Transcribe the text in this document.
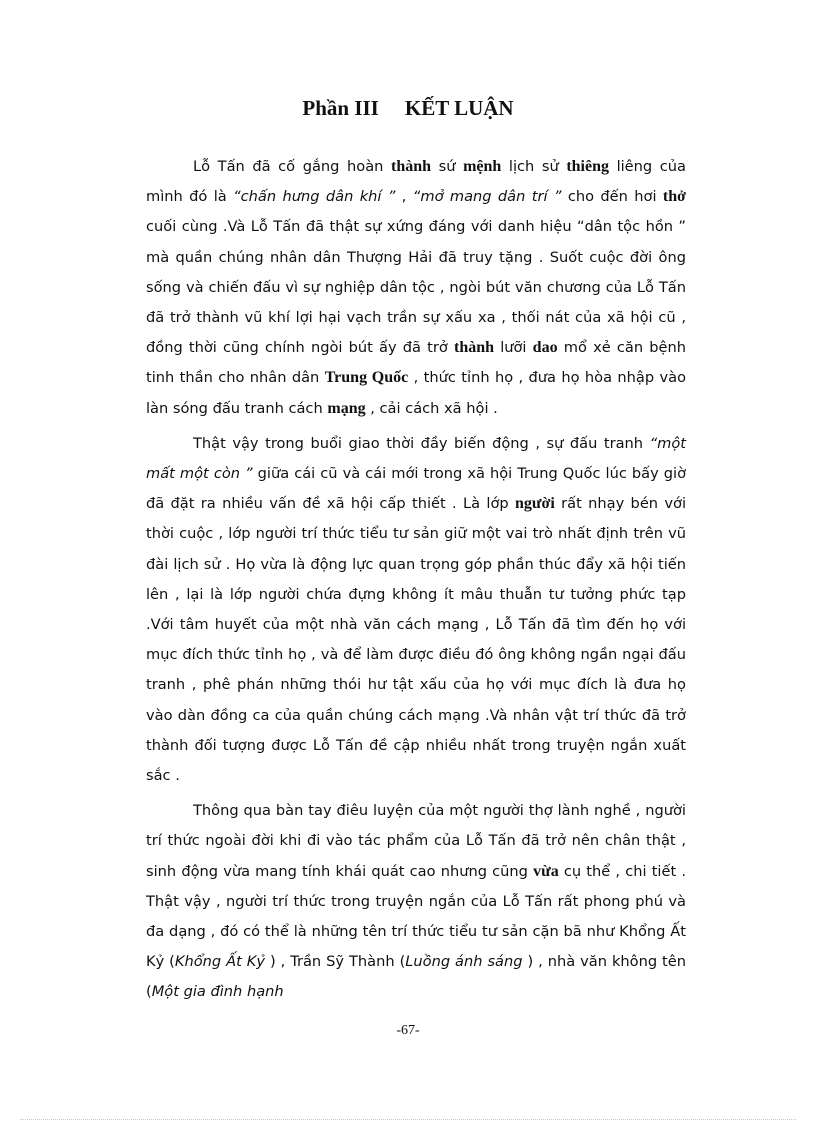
Phần III KẾT LUẬN

Lỗ Tấn đã cố gắng hoàn thành sứ mệnh lịch sử thiêng liêng của mình đó là “chấn hưng dân khí ” , “mở mang dân trí ” cho đến hơi thở cuối cùng .Và Lỗ Tấn đã thật sự xứng đáng với danh hiệu “dân tộc hồn ” mà quần chúng nhân dân Thượng Hải đã truy tặng . Suốt cuộc đời ông sống và chiến đấu vì sự nghiệp dân tộc , ngòi bút văn chương của Lỗ Tấn đã trở thành vũ khí lợi hại vạch trần sự xấu xa , thối nát của xã hội cũ , đồng thời cũng chính ngòi bút ấy đã trở thành lưỡi dao mổ xẻ căn bệnh tinh thần cho nhân dân Trung Quốc , thức tỉnh họ , đưa họ hòa nhập vào làn sóng đấu tranh cách mạng , cải cách xã hội .

Thật vậy trong buổi giao thời đầy biến động , sự đấu tranh “một mất một còn ” giữa cái cũ và cái mới trong xã hội Trung Quốc lúc bấy giờ đã đặt ra nhiều vấn đề xã hội cấp thiết . Là lớp người rất nhạy bén với thời cuộc , lớp người trí thức tiểu tư sản giữ một vai trò nhất định trên vũ đài lịch sử . Họ vừa là động lực quan trọng góp phần thúc đẩy xã hội tiến lên , lại là lớp người chứa đựng không ít mâu thuẫn tư tưởng phức tạp .Với tâm huyết của một nhà văn cách mạng , Lỗ Tấn đã tìm đến họ với mục đích thức tỉnh họ , và để làm được điều đó ông không ngần ngại đấu tranh , phê phán những thói hư tật xấu của họ với mục đích là đưa họ vào dàn đồng ca của quần chúng cách mạng .Và nhân vật trí thức đã trở thành đối tượng được Lỗ Tấn đề cập nhiều nhất trong truyện ngắn xuất sắc .

Thông qua bàn tay điêu luyện của một người thợ lành nghề , người trí thức ngoài đời khi đi vào tác phẩm của Lỗ Tấn đã trở nên chân thật , sinh động vừa mang tính khái quát cao nhưng cũng vừa cụ thể , chi tiết . Thật vậy , người trí thức trong truyện ngắn của Lỗ Tấn rất phong phú và đa dạng , đó có thể là những tên trí thức tiểu tư sản cặn bã như Khổng Ất Kỷ (Khổng Ất Kỷ ) , Trần Sỹ Thành (Luồng ánh sáng ) , nhà văn không tên (Một gia đình hạnh

-67-
